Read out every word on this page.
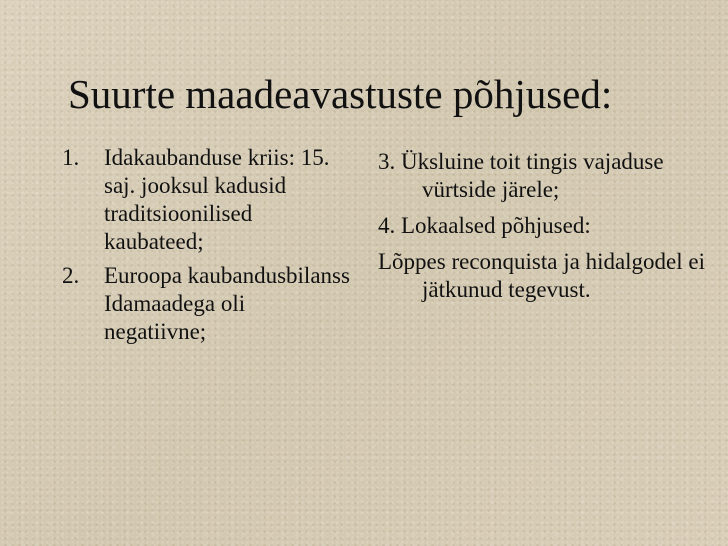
Suurte maadeavastuste põhjused:
1. Idakaubanduse kriis: 15. saj. jooksul kadusid traditsioonilised kaubateed;
2. Euroopa kaubandusbilanss Idamaadega oli negatiivne;
3. Üksluine toit tingis vajaduse vürtside järele;
4. Lokaalsed põhjused:
Lõppes reconquista ja hidalgodel ei jätkunud tegevust.
